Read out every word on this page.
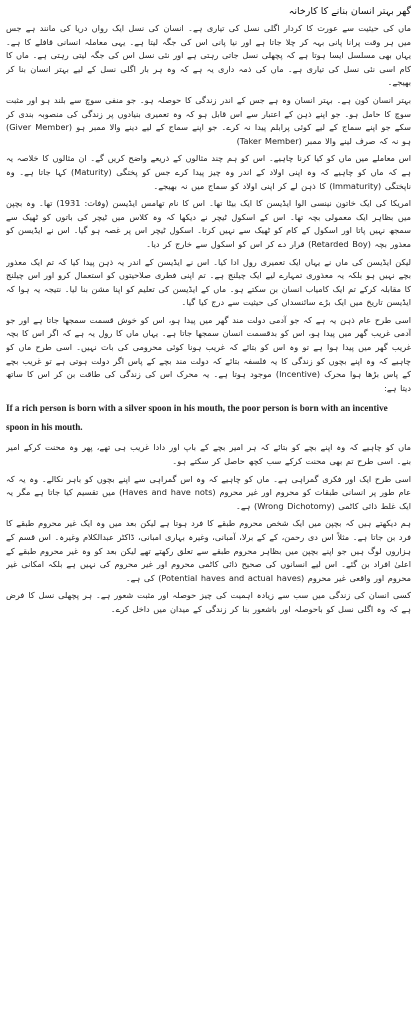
گھر بہتر انسان بنانے کا کارخانہ

ماں کی حیثیت سے عورت کا کردار اگلی نسل کی تیاری ہے۔ انسان کی نسل ایک رواں دریا کی مانند ہے جس میں ہر وقت پرانا پانی بہہ کر چلا جاتا ہے اور نیا پانی اس کی جگہ لیتا ہے۔ یہی معاملہ انسانی قافلے کا ہے۔ یہاں بھی مسلسل ایسا ہوتا ہے کہ پچھلی نسل جاتی رہتی ہے اور نئی نسل اس کی جگہ لیتی رہتی ہے۔ ماں کا کام اسی نئی نسل کی تیاری ہے۔ ماں کی ذمہ داری یہ ہے کہ وہ ہر بار اگلی نسل کے لیے بہتر انسان بنا کر بھیجے۔

بہتر انسان کون ہے۔ بہتر انسان وہ ہے جس کے اندر زندگی کا حوصلہ ہو۔ جو منفی سوچ سے بلند ہو اور مثبت سوچ کا حامل ہو۔ جو اپنے ذہن کے اعتبار سے اس قابل ہو کہ وہ تعمیری بنیادوں پر زندگی کی منصوبہ بندی کر سکے جو اپنے سماج کے لیے کوئی پرابلم پیدا نہ کرے۔ جو اپنے سماج کے لیے دینے والا ممبر ہو (Giver Member) ہو نہ کہ صرف لینے والا ممبر (Taker Member)

اس معاملے میں ماں کو کیا کرنا چاہیے۔ اس کو ہم چند مثالوں کے ذریعے واضح کریں گے۔ ان مثالوں کا خلاصہ یہ ہے کہ ماں کو چاہیے کہ وہ اپنی اولاد کے اندر وہ چیز پیدا کرے جس کو پختگی (Maturity) کہا جاتا ہے۔ وہ ناپختگی (Immaturity) کا ذہن لے کر اپنی اولاد کو سماج میں نہ بھیجے۔

امریکا کی ایک خاتون نینسی الوا ایڈیسن کا ایک بیٹا تھا۔ اس کا نام تھامس ایڈیسن (وفات: 1931) تھا۔ وہ بچپن میں بظاہر ایک معمولی بچہ تھا۔ اس کے اسکول ٹیچر نے دیکھا کہ وہ کلاس میں ٹیچر کی باتوں کو ٹھیک سے سمجھ نہیں پاتا اور اسکول کے کام کو ٹھیک سے نہیں کرتا۔ اسکول ٹیچر اس پر غصہ ہو گیا۔ اس نے ایڈیسن کو معذور بچہ (Retarded Boy) قرار دے کر اس کو اسکول سے خارج کر دیا۔

لیکن ایڈیسن کی ماں نے یہاں ایک تعمیری رول ادا کیا۔ اس نے ایڈیسن کے اندر یہ ذہن پیدا کیا کہ تم ایک معذور بچے نہیں ہو بلکہ یہ معذوری تمہارے لیے ایک چیلنج ہے۔ تم اپنی فطری صلاحیتوں کو استعمال کرو اور اس چیلنج کا مقابلہ کرکے تم ایک کامیاب انسان بن سکتے ہو۔ ماں کے ایڈیسن کی تعلیم کو اپنا مشن بنا لیا۔ نتیجہ یہ ہوا کہ ایڈیسن تاریخ میں ایک بڑے سائنسداں کی حیثیت سے درج کیا گیا۔

اسی طرح عام ذہن یہ ہے کہ جو آدمی دولت مند گھر میں پیدا ہو، اس کو خوش قسمت سمجھا جاتا ہے اور جو آدمی غریب گھر میں پیدا ہو، اس کو بدقسمت انسان سمجھا جاتا ہے۔ یہاں ماں کا رول یہ ہے کہ اگر اس کا بچہ غریب گھر میں پیدا ہوا ہے تو وہ اس کو بتائے کہ غریب ہونا کوئی محرومی کی بات نہیں۔ اسی طرح ماں کو چاہیے کہ وہ اپنے بچوں کو زندگی کا یہ فلسفہ بتائے کہ دولت مند بچے کے پاس اگر دولت ہوتی ہے تو غریب بچے کے پاس بڑھا ہوا محرک (Incentive) موجود ہوتا ہے۔ یہ محرک اس کی زندگی کی طاقت بن کر اس کا ساتھ دیتا ہے:

If a rich person is born with a silver spoon in his mouth, the poor person is born with an incentive spoon in his mouth.

ماں کو چاہیے کہ وہ اپنے بچے کو بتائے کہ ہر امیر بچے کے باپ اور دادا غریب ہی تھے، پھر وہ محنت کرکے امیر بنے۔ اسی طرح تم بھی محنت کرکے سب کچھ حاصل کر سکتے ہو۔

اسی طرح ایک اور فکری گمراہی ہے۔ ماں کو چاہیے کہ وہ اس گمراہی سے اپنے بچوں کو باہر نکالے۔ وہ یہ کہ عام طور پر انسانی طبقات کو محروم اور غیر محروم (Haves and have nots) میں تقسیم کیا جاتا ہے مگر یہ ایک غلط ذائی کاٹمی (Wrong Dichotomy) ہے۔

ہم دیکھتے ہیں کہ بچپن میں ایک شخص محروم طبقے کا فرد ہوتا ہے لیکن بعد میں وہ ایک غیر محروم طبقے کا فرد بن جاتا ہے۔ مثلاً اس دی رحمن، کے کے برلا، آمبانی، وغیرہ بہاری امبانی، ڈاکٹر عبدالکلام وغیرہ۔ اس قسم کے ہزاروں لوگ ہیں جو اپنے بچپن میں بظاہر محروم طبقے سے تعلق رکھتے تھے لیکن بعد کو وہ غیر محروم طبقے کے اعلیٰ افراد بن گئے۔ اس لیے انسانوں کی صحیح ذائی کاٹمی محروم اور غیر محروم کی نہیں ہے بلکہ امکانی غیر محروم اور واقعی غیر محروم (Potential haves and actual haves) کی ہے۔

کسی انسان کی زندگی میں سب سے زیادہ اہمیت کی چیز حوصلہ اور مثبت شعور ہے۔ ہر پچھلی نسل کا فرض ہے کہ وہ اگلی نسل کو باحوصلہ اور باشعور بنا کر زندگی کے میدان میں داخل کرے۔
